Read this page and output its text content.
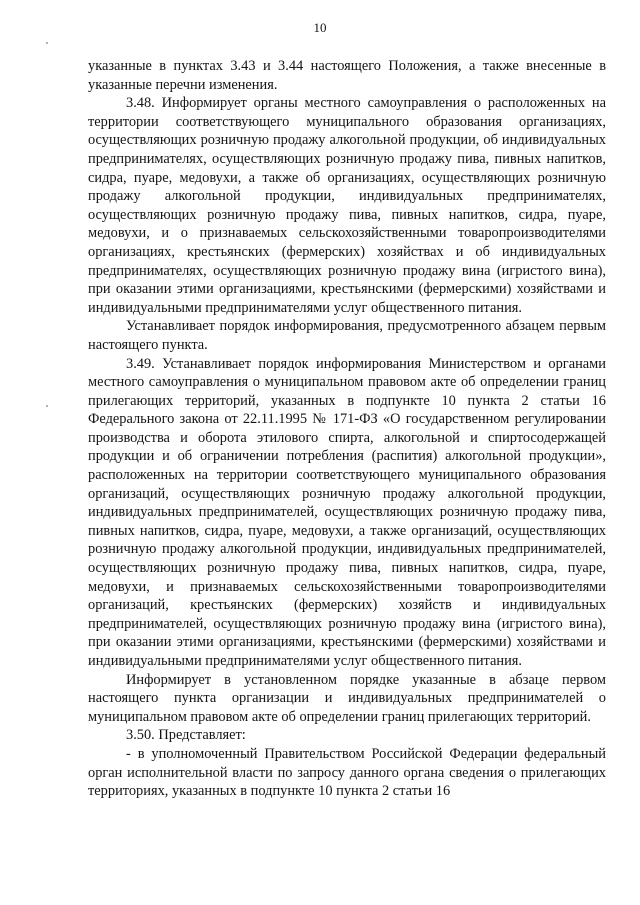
10

указанные в пунктах 3.43 и 3.44 настоящего Положения, а также внесенные в указанные перечни изменения.

3.48. Информирует органы местного самоуправления о расположенных на территории соответствующего муниципального образования организациях, осуществляющих розничную продажу алкогольной продукции, об индивидуальных предпринимателях, осуществляющих розничную продажу пива, пивных напитков, сидра, пуаре, медовухи, а также об организациях, осуществляющих розничную продажу алкогольной продукции, индивидуальных предпринимателях, осуществляющих розничную продажу пива, пивных напитков, сидра, пуаре, медовухи, и о признаваемых сельскохозяйственными товаропроизводителями организациях, крестьянских (фермерских) хозяйствах и об индивидуальных предпринимателях, осуществляющих розничную продажу вина (игристого вина), при оказании этими организациями, крестьянскими (фермерскими) хозяйствами и индивидуальными предпринимателями услуг общественного питания.

Устанавливает порядок информирования, предусмотренного абзацем первым настоящего пункта.

3.49. Устанавливает порядок информирования Министерством и органами местного самоуправления о муниципальном правовом акте об определении границ прилегающих территорий, указанных в подпункте 10 пункта 2 статьи 16 Федерального закона от 22.11.1995 № 171-ФЗ «О государственном регулировании производства и оборота этилового спирта, алкогольной и спиртосодержащей продукции и об ограничении потребления (распития) алкогольной продукции», расположенных на территории соответствующего муниципального образования организаций, осуществляющих розничную продажу алкогольной продукции, индивидуальных предпринимателей, осуществляющих розничную продажу пива, пивных напитков, сидра, пуаре, медовухи, а также организаций, осуществляющих розничную продажу алкогольной продукции, индивидуальных предпринимателей, осуществляющих розничную продажу пива, пивных напитков, сидра, пуаре, медовухи, и признаваемых сельскохозяйственными товаропроизводителями организаций, крестьянских (фермерских) хозяйств и индивидуальных предпринимателей, осуществляющих розничную продажу вина (игристого вина), при оказании этими организациями, крестьянскими (фермерскими) хозяйствами и индивидуальными предпринимателями услуг общественного питания.

Информирует в установленном порядке указанные в абзаце первом настоящего пункта организации и индивидуальных предпринимателей о муниципальном правовом акте об определении границ прилегающих территорий.

3.50. Представляет:

- в уполномоченный Правительством Российской Федерации федеральный орган исполнительной власти по запросу данного органа сведения о прилегающих территориях, указанных в подпункте 10 пункта 2 статьи 16
